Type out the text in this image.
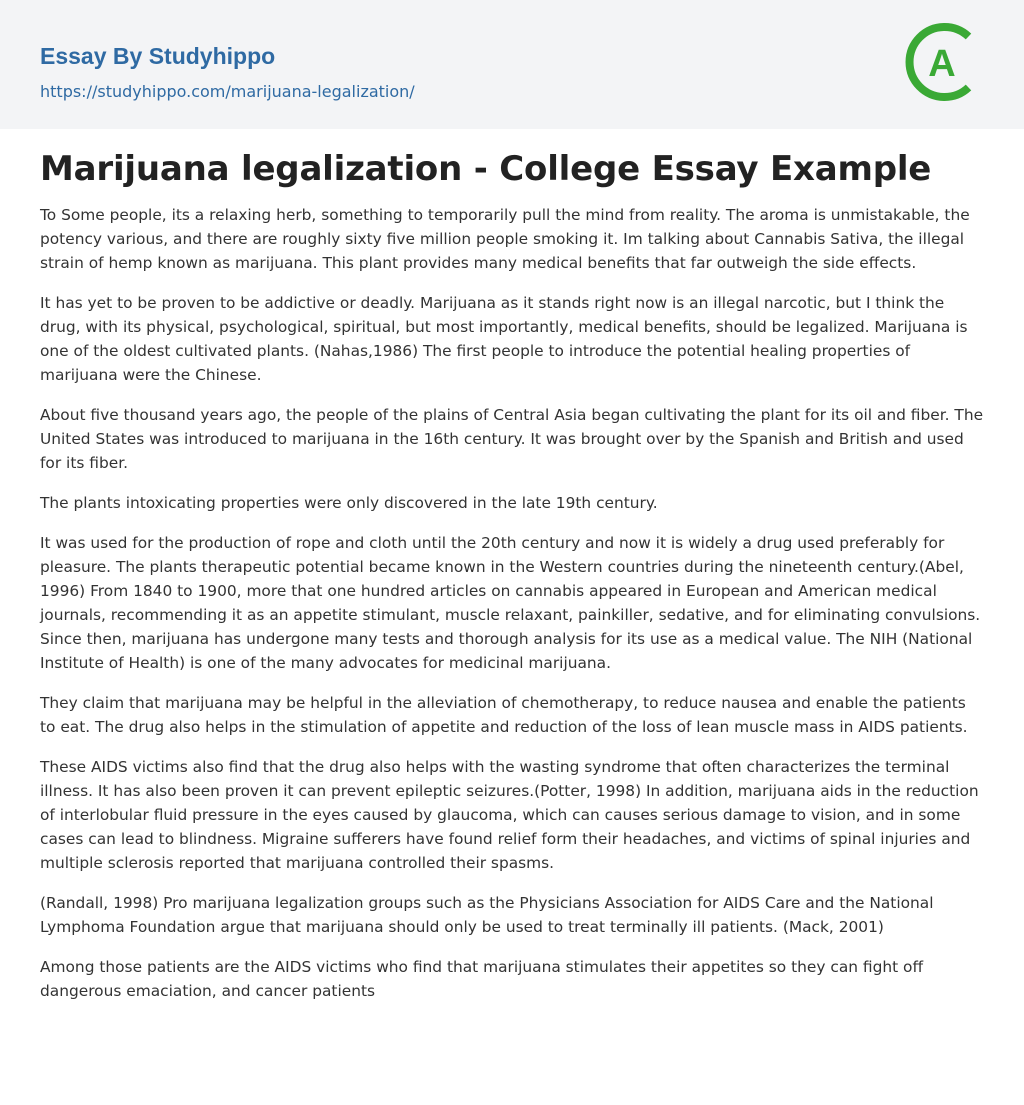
Essay By Studyhippo
https://studyhippo.com/marijuana-legalization/
A
Marijuana legalization - College Essay Example

To Some people, its a relaxing herb, something to temporarily pull the mind from reality. The aroma is unmistakable, the potency various, and there are roughly sixty five million people smoking it. Im talking about Cannabis Sativa, the illegal strain of hemp known as marijuana. This plant provides many medical benefits that far outweigh the side effects.

It has yet to be proven to be addictive or deadly. Marijuana as it stands right now is an illegal narcotic, but I think the drug, with its physical, psychological, spiritual, but most importantly, medical benefits, should be legalized. Marijuana is one of the oldest cultivated plants. (Nahas,1986) The first people to introduce the potential healing properties of marijuana were the Chinese.

About five thousand years ago, the people of the plains of Central Asia began cultivating the plant for its oil and fiber. The United States was introduced to marijuana in the 16th century. It was brought over by the Spanish and British and used for its fiber.

The plants intoxicating properties were only discovered in the late 19th century.

It was used for the production of rope and cloth until the 20th century and now it is widely a drug used preferably for pleasure. The plants therapeutic potential became known in the Western countries during the nineteenth century.(Abel, 1996) From 1840 to 1900, more that one hundred articles on cannabis appeared in European and American medical journals, recommending it as an appetite stimulant, muscle relaxant, painkiller, sedative, and for eliminating convulsions. Since then, marijuana has undergone many tests and thorough analysis for its use as a medical value. The NIH (National Institute of Health) is one of the many advocates for medicinal marijuana.

They claim that marijuana may be helpful in the alleviation of chemotherapy, to reduce nausea and enable the patients to eat. The drug also helps in the stimulation of appetite and reduction of the loss of lean muscle mass in AIDS patients.

These AIDS victims also find that the drug also helps with the wasting syndrome that often characterizes the terminal illness. It has also been proven it can prevent epileptic seizures.(Potter, 1998) In addition, marijuana aids in the reduction of interlobular fluid pressure in the eyes caused by glaucoma, which can causes serious damage to vision, and in some cases can lead to blindness. Migraine sufferers have found relief form their headaches, and victims of spinal injuries and multiple sclerosis reported that marijuana controlled their spasms.

(Randall, 1998) Pro marijuana legalization groups such as the Physicians Association for AIDS Care and the National Lymphoma Foundation argue that marijuana should only be used to treat terminally ill patients. (Mack, 2001)

Among those patients are the AIDS victims who find that marijuana stimulates their appetites so they can fight off dangerous emaciation, and cancer patients
